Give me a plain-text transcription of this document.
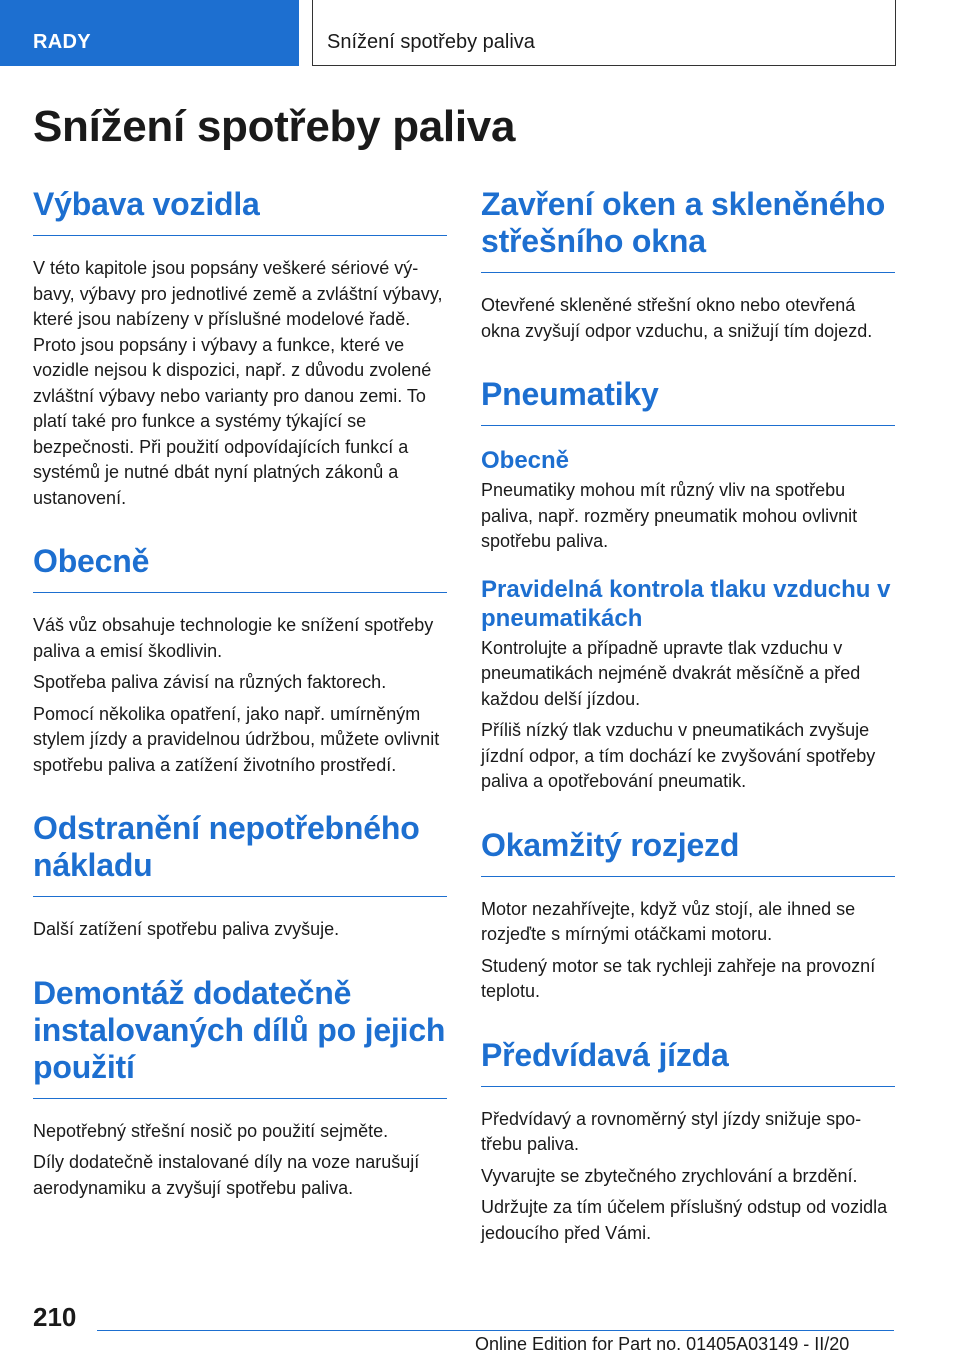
RADY	Snížení spotřeby paliva
Snížení spotřeby paliva
Výbava vozidla

V této kapitole jsou popsány veškeré sériové výbavy, výbavy pro jednotlivé země a zvláštní výbavy, které jsou nabízeny v příslušné modelové řadě. Proto jsou popsány i výbavy a funkce, které ve vozidle nejsou k dispozici, např. z důvodu zvolené zvláštní výbavy nebo varianty pro danou zemi. To platí také pro funkce a systémy týkající se bezpečnosti. Při použití odpovídajících funkcí a systémů je nutné dbát nyní platných zákonů a ustanovení.

Obecně

Váš vůz obsahuje technologie ke snížení spotřeby paliva a emisí škodlivin.

Spotřeba paliva závisí na různých faktorech.

Pomocí několika opatření, jako např. umírněným stylem jízdy a pravidelnou údržbou, můžete ovlivnit spotřebu paliva a zatížení životního prostředí.

Odstranění nepotřebného nákladu

Další zatížení spotřebu paliva zvyšuje.

Demontáž dodatečně instalovaných dílů po jejich použití

Nepotřebný střešní nosič po použití sejměte.

Díly dodatečně instalované díly na voze narušují aerodynamiku a zvyšují spotřebu paliva.

Zavření oken a skleněného střešního okna

Otevřené skleněné střešní okno nebo otevřená okna zvyšují odpor vzduchu, a snižují tím dojezd.

Pneumatiky
Obecně

Pneumatiky mohou mít různý vliv na spotřebu paliva, např. rozměry pneumatik mohou ovlivnit spotřebu paliva.

Pravidelná kontrola tlaku vzduchu v pneumatikách

Kontrolujte a případně upravte tlak vzduchu v pneumatikách nejméně dvakrát měsíčně a před každou delší jízdou.

Příliš nízký tlak vzduchu v pneumatikách zvyšuje jízdní odpor, a tím dochází ke zvyšování spotřeby paliva a opotřebování pneumatik.

Okamžitý rozjezd

Motor nezahřívejte, když vůz stojí, ale ihned se rozjeďte s mírnými otáčkami motoru.

Studený motor se tak rychleji zahřeje na provozní teplotu.

Předvídavá jízda

Předvídavý a rovnoměrný styl jízdy snižuje spotřebu paliva.

Vyvarujte se zbytečného zrychlování a brzdění.

Udržujte za tím účelem příslušný odstup od vozidla jedoucího před Vámi.

210
Online Edition for Part no. 01405A03149 - II/20
